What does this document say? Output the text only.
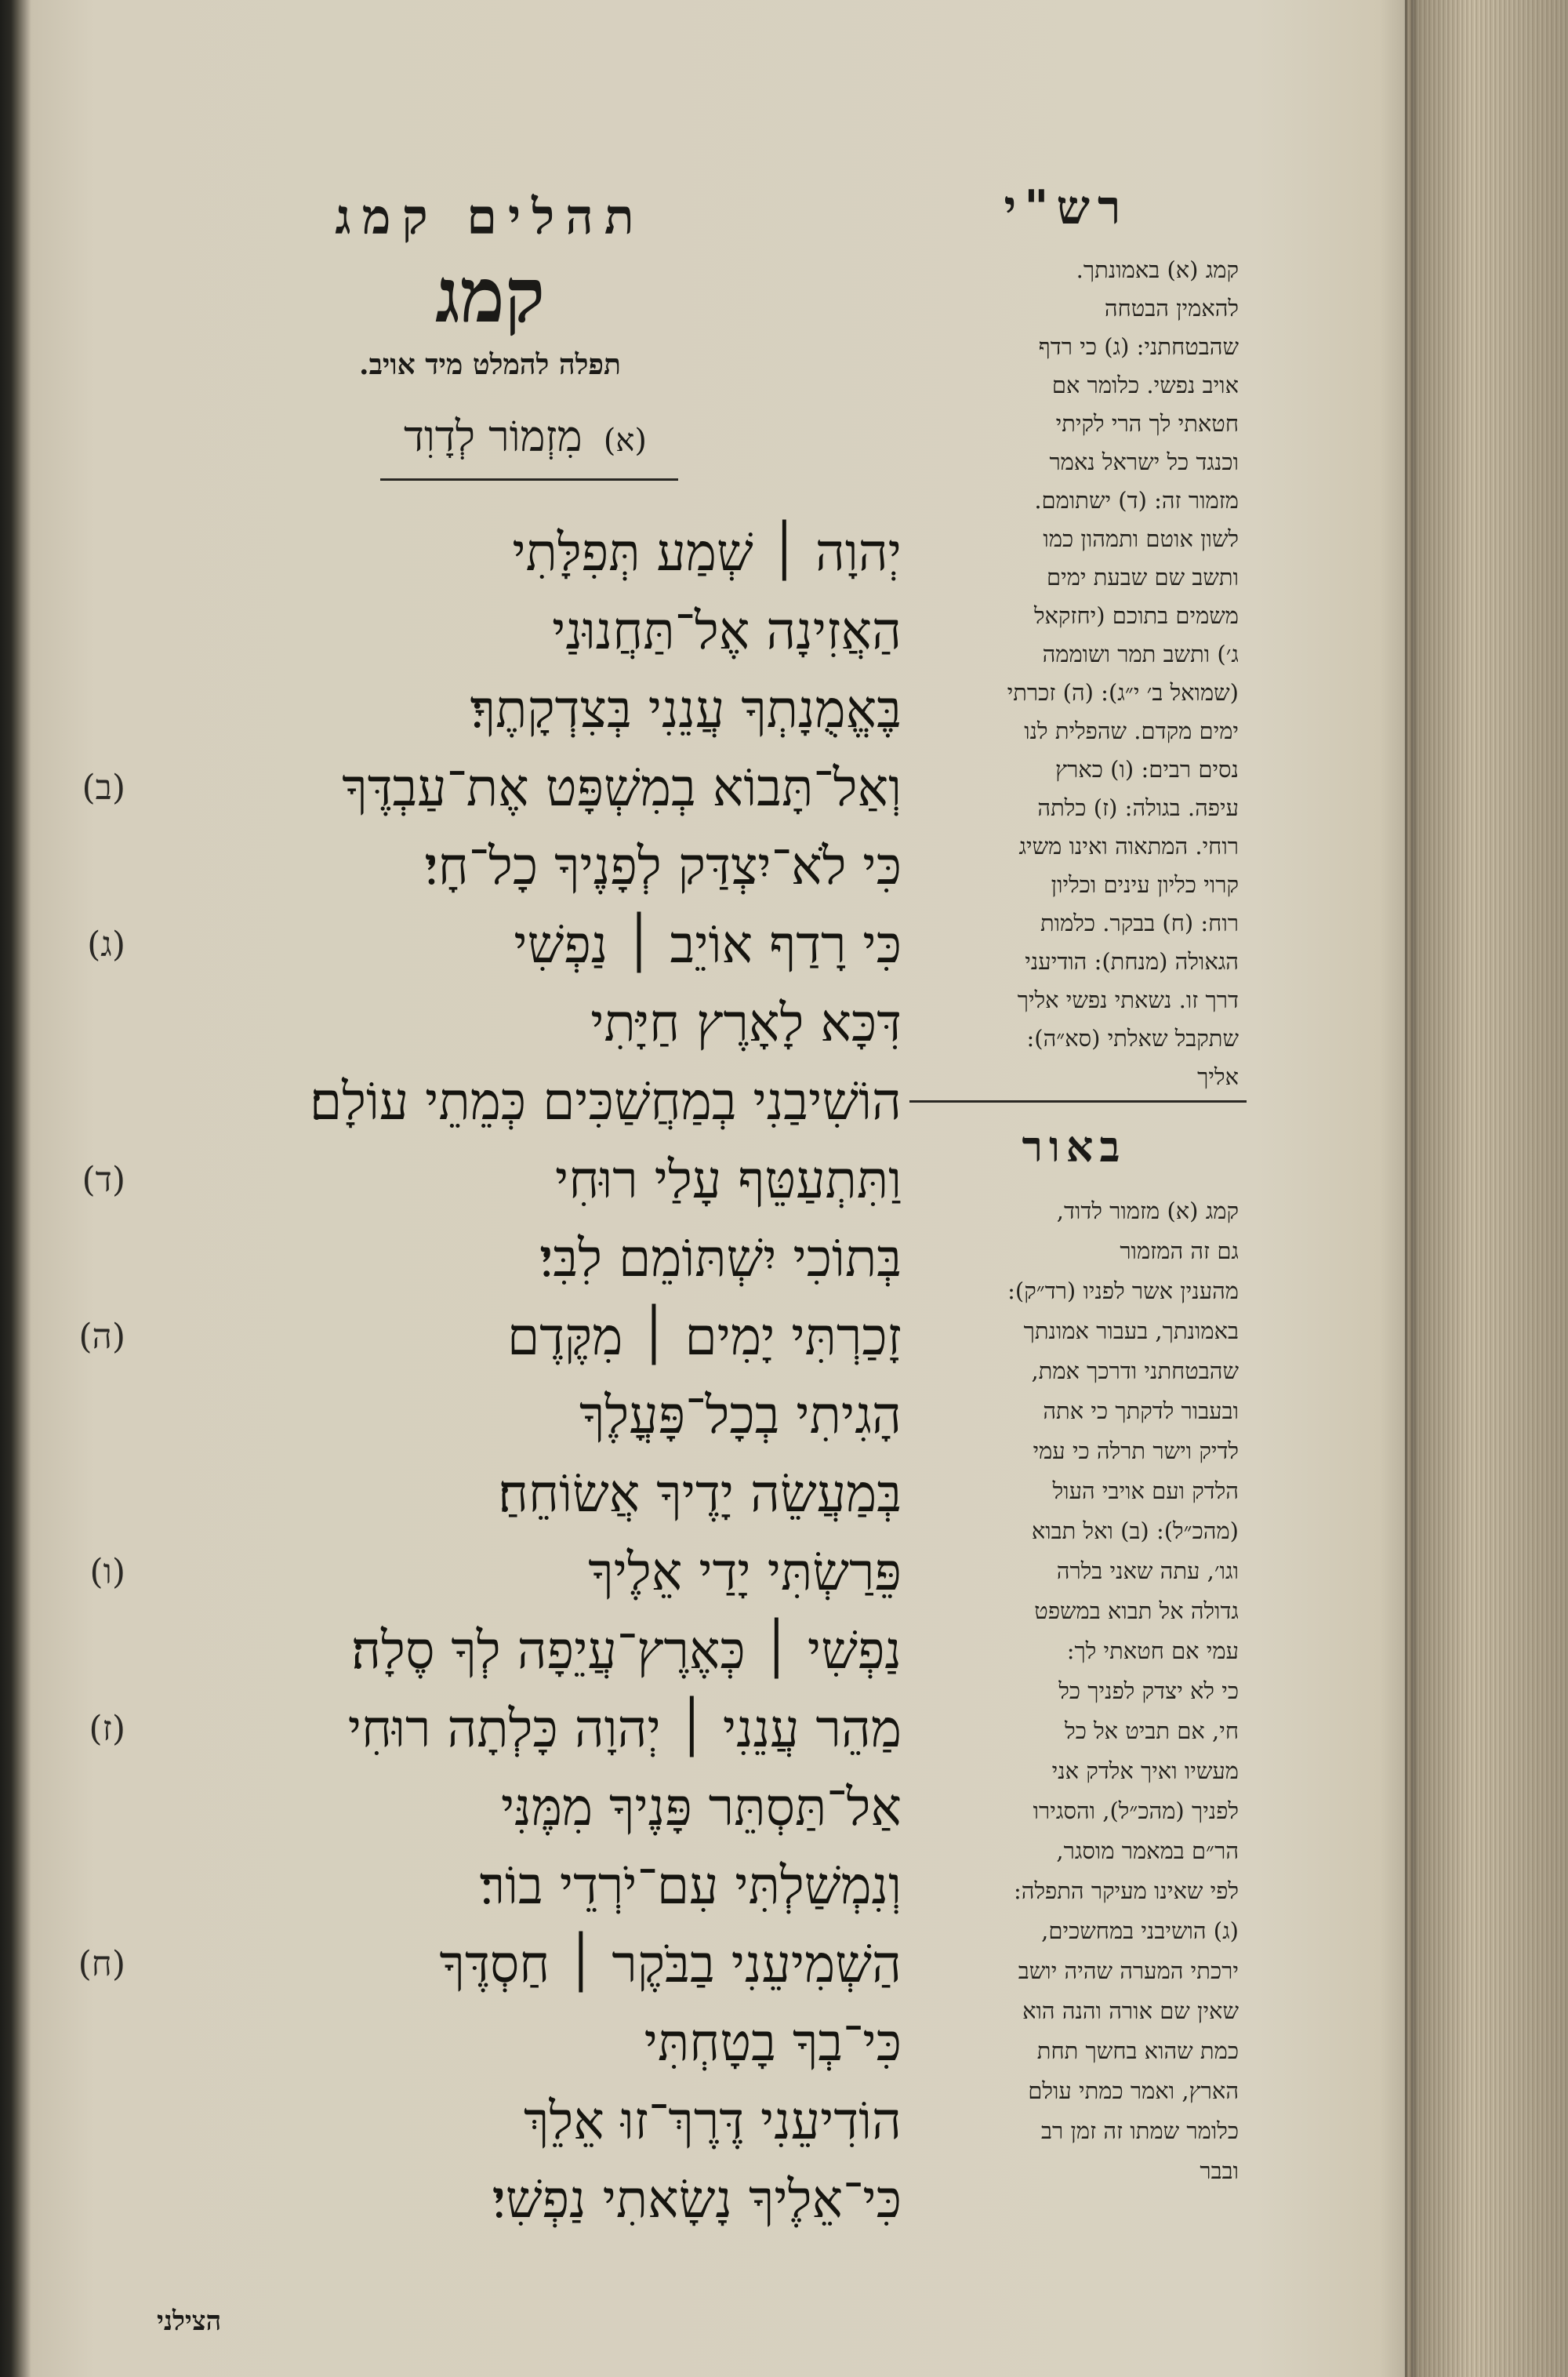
תהלים קמג
קמג
תפלה להמלט מיד אויב.
(א) מִזְמוֹר לְדָוִד
יְהוָה ׀ שְׁמַע תְּפִלָּתִי
הַאֲזִינָה אֶל־תַּחֲנוּנַי
בֶּאֱמֻנָתְךָ עֲנֵנִי בְּצִדְקָתֶךָ׃
וְאַל־תָּבוֹא בְמִשְׁפָּט אֶת־עַבְדֶּךָ
(ב)
כִּי לֹא־יִצְדַּק לְפָנֶיךָ כָל־חָי׃
כִּי רָדַף אוֹיֵב ׀ נַפְשִׁי
(ג)
דִּכָּא לָאָרֶץ חַיָּתִי
הוֹשִׁיבַנִי בְמַחֲשַׁכִּים כְּמֵתֵי עוֹלָם׃
וַתִּתְעַטֵּף עָלַי רוּחִי
(ד)
בְּתוֹכִי יִשְׁתּוֹמֵם לִבִּי׃
זָכַרְתִּי יָמִים ׀ מִקֶּדֶם
(ה)
הָגִיתִי בְכָל־פָּעֳלֶךָ
בְּמַעֲשֵׂה יָדֶיךָ אֲשׂוֹחֵחַ׃
פֵּרַשְׂתִּי יָדַי אֵלֶיךָ
(ו)
נַפְשִׁי ׀ כְּאֶרֶץ־עֲיֵפָה לְךָ סֶלָה׃
מַהֵר עֲנֵנִי ׀ יְהוָה כָּלְתָה רוּחִי
(ז)
אַל־תַּסְתֵּר פָּנֶיךָ מִמֶּנִּי
וְנִמְשַׁלְתִּי עִם־יֹרְדֵי בוֹר׃
הַשְׁמִיעֵנִי בַבֹּקֶר ׀ חַסְדֶּךָ
(ח)
כִּי־בְךָ בָטָחְתִּי
הוֹדִיעֵנִי דֶּרֶךְ־זוּ אֵלֵךְ
כִּי־אֵלֶיךָ נָשָׂאתִי נַפְשִׁי׃
הצילני
רש"י
קמג (א) באמונתך.
להאמין הבטחה
שהבטחתני: (ג) כי רדף
אויב נפשי. כלומר אם
חטאתי לך הרי לקיתי
וכנגד כל ישראל נאמר
מזמור זה: (ד) ישתומם.
לשון אוטם ותמהון כמו
ותשב שם שבעת ימים
משמים בתוכם (יחזקאל
ג׳) ותשב תמר ושוממה
(שמואל ב׳ י״ג): (ה) זכרתי
ימים מקדם. שהפלית לנו
נסים רבים: (ו) כארץ
עיפה. בגולה: (ז) כלתה
רוחי. המתאוה ואינו משיג
קרוי כליון עינים וכליון
רוח: (ח) בבקר. כלמות
הגאולה (מנחת): הודיעני
דרך זו. נשאתי נפשי אליך
שתקבל שאלתי (סא״ה):
אליך
באור
קמג (א) מזמור לדוד,
גם זה המזמור
מהענין אשר לפניו (רד״ק):
באמונתך, בעבור אמונתך
שהבטחתני ודרכך אמת,
ובעבור לדקתך כי אתה
לדיק וישר תרלה כי עמי
הלדק ועם אויבי העול
(מהכ״ל): (ב) ואל תבוא
וגו׳, עתה שאני בלרה
גדולה אל תבוא במשפט
עמי אם חטאתי לך:
כי לא יצדק לפניך כל
חי, אם תביט אל כל
מעשיו ואיך אלדק אני
לפניך (מהכ״ל), והסגירו
הר״ם במאמר מוסגר,
לפי שאינו מעיקר התפלה:
(ג) הושיבני במחשכים,
ירכתי המערה שהיה יושב
שאין שם אורה והנה הוא
כמת שהוא בחשך תחת
הארץ, ואמר כמתי עולם
כלומר שמתו זה זמן רב
ובבר
